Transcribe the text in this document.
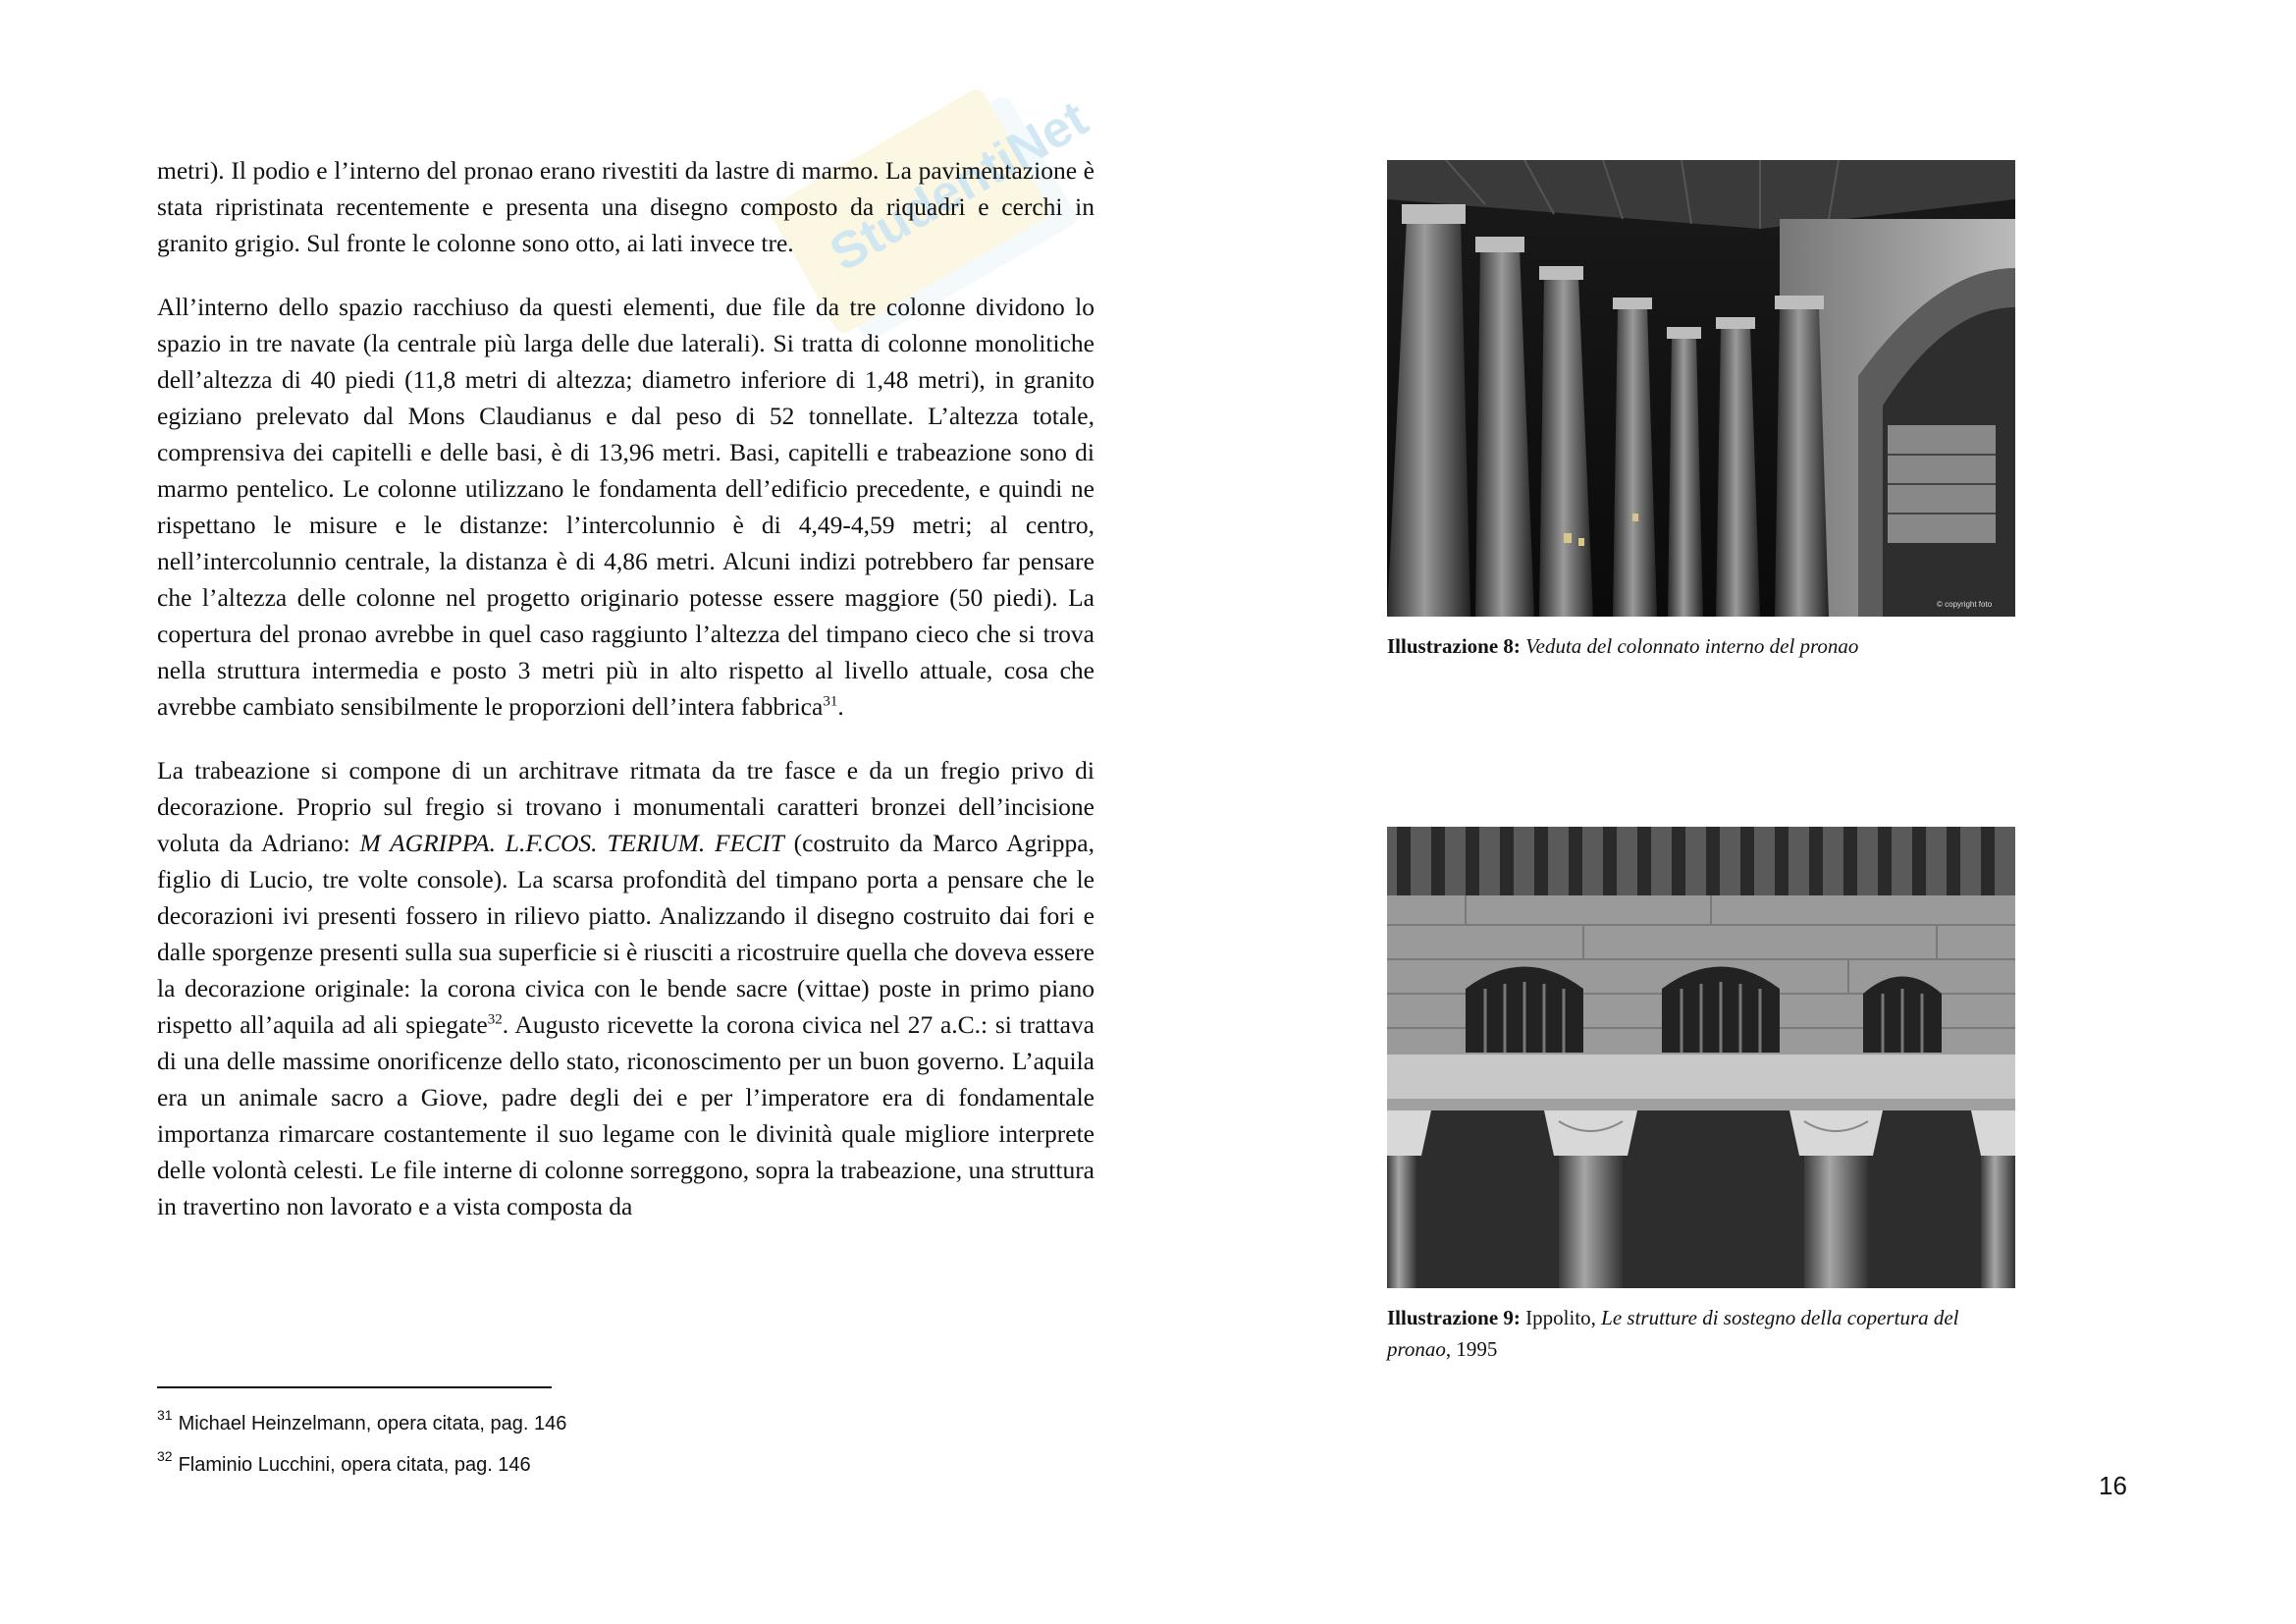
StudentiNet

metri). Il podio e l’interno del pronao erano rivestiti da lastre di marmo. La pavimentazione è stata ripristinata recentemente e presenta una disegno composto da riquadri e cerchi in granito grigio. Sul fronte le colonne sono otto, ai lati invece tre.

All’interno dello spazio racchiuso da questi elementi, due file da tre colonne dividono lo spazio in tre navate (la centrale più larga delle due laterali). Si tratta di colonne monolitiche dell’altezza di 40 piedi (11,8 metri di altezza; diametro inferiore di 1,48 metri), in granito egiziano prelevato dal Mons Claudianus e dal peso di 52 tonnellate. L’altezza totale, comprensiva dei capitelli e delle basi, è di 13,96 metri. Basi, capitelli e trabeazione sono di marmo pentelico. Le colonne utilizzano le fondamenta dell’edificio precedente, e quindi ne rispettano le misure e le distanze: l’intercolunnio è di 4,49-4,59 metri; al centro, nell’intercolunnio centrale, la distanza è di 4,86 metri. Alcuni indizi potrebbero far pensare che l’altezza delle colonne nel progetto originario potesse essere maggiore (50 piedi). La copertura del pronao avrebbe in quel caso raggiunto l’altezza del timpano cieco che si trova nella struttura intermedia e posto 3 metri più in alto rispetto al livello attuale, cosa che avrebbe cambiato sensibilmente le proporzioni dell’intera fabbrica$^{31}$.

La trabeazione si compone di un architrave ritmata da tre fasce e da un fregio privo di decorazione. Proprio sul fregio si trovano i monumentali caratteri bronzei dell’incisione voluta da Adriano: M AGRIPPA. L.F.COS. TERIUM. FECIT (costruito da Marco Agrippa, figlio di Lucio, tre volte console). La scarsa profondità del timpano porta a pensare che le decorazioni ivi presenti fossero in rilievo piatto. Analizzando il disegno costruito dai fori e dalle sporgenze presenti sulla sua superficie si è riusciti a ricostruire quella che doveva essere la decorazione originale: la corona civica con le bende sacre (vittae) poste in primo piano rispetto all’aquila ad ali spiegate$^{32}$. Augusto ricevette la corona civica nel 27 a.C.: si trattava di una delle massime onorificenze dello stato, riconoscimento per un buon governo. L’aquila era un animale sacro a Giove, padre degli dei e per l’imperatore era di fondamentale importanza rimarcare costantemente il suo legame con le divinità quale migliore interprete delle volontà celesti. Le file interne di colonne sorreggono, sopra la trabeazione, una struttura in travertino non lavorato e a vista composta da

$^{31}$ Michael Heinzelmann, opera citata, pag. 146
$^{32}$ Flaminio Lucchini, opera citata, pag. 146
© copyright foto
Illustrazione 8: Veduta del colonnato interno del pronao
Illustrazione 9: Ippolito, Le strutture di sostegno della copertura del pronao, 1995
16
